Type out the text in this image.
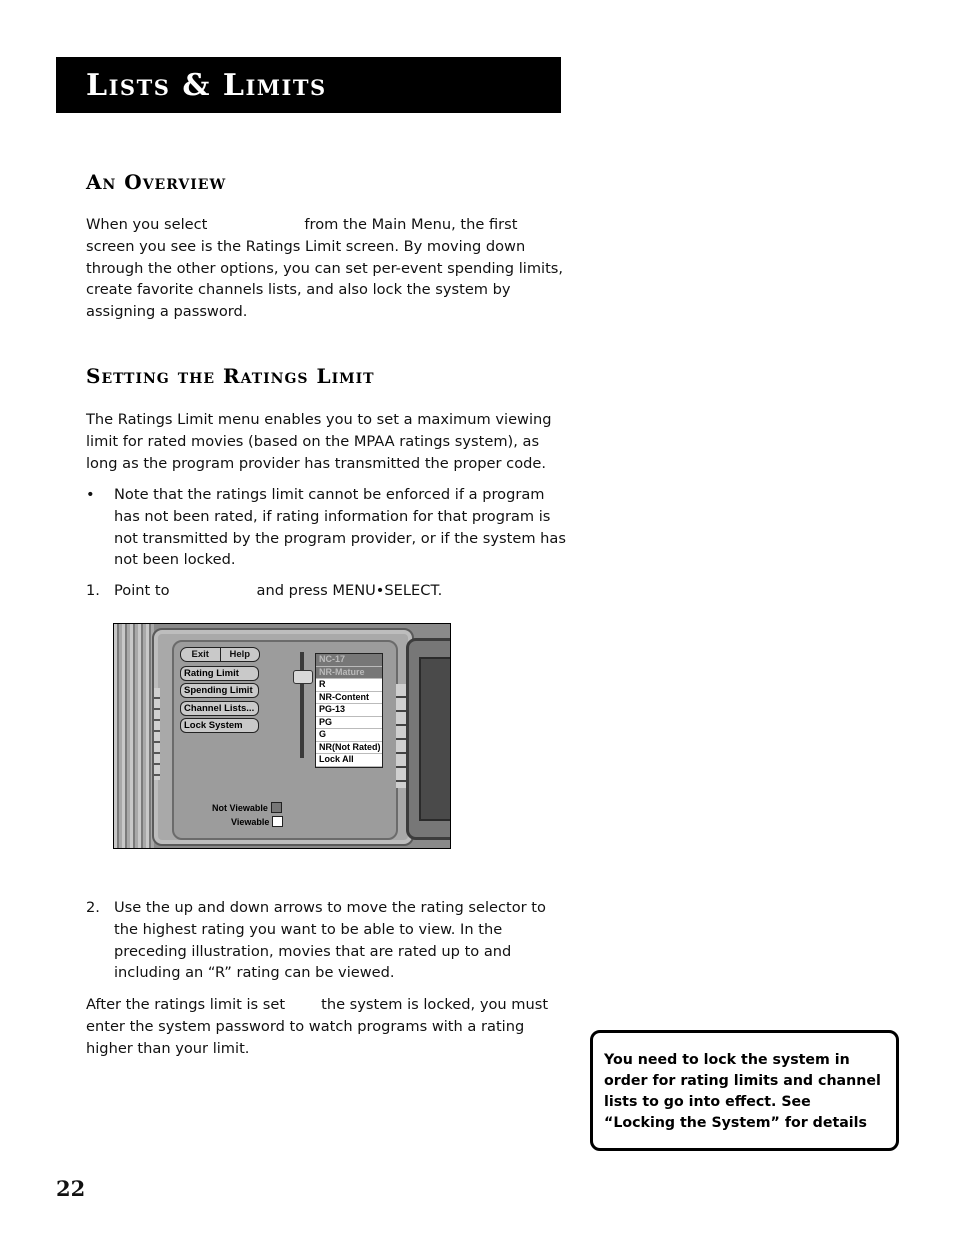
Lists & Limits
An Overview

When you select	from the Main Menu, the first screen you see is the Ratings Limit screen. By moving down through the other options, you can set per-event spending limits, create favorite channels lists, and also lock the system by assigning a password.

Setting the Ratings Limit

The Ratings Limit menu enables you to set a maximum viewing limit for rated movies (based on the MPAA ratings system), as long as the program provider has transmitted the proper code.

• Note that the ratings limit cannot be enforced if a program has not been rated, if rating information for that program is not transmitted by the program provider, or if the system has not been locked.
1. Point to	and press MENU•SELECT.
Exit	Help
Rating Limit
Spending Limit
Channel Lists...
Lock System
NC-17
NR-Mature
R
NR-Content
PG-13
PG
G
NR(Not Rated)
Lock All
Not Viewable
Viewable
2. Use the up and down arrows to move the rating selector to the highest rating you want to be able to view. In the preceding illustration, movies that are rated up to and including an “R” rating can be viewed.

After the ratings limit is set the system is locked, you must enter the system password to watch programs with a rating higher than your limit.

You need to lock the system in order for rating limits and channel lists to go into effect. See “Locking the System” for details

22
